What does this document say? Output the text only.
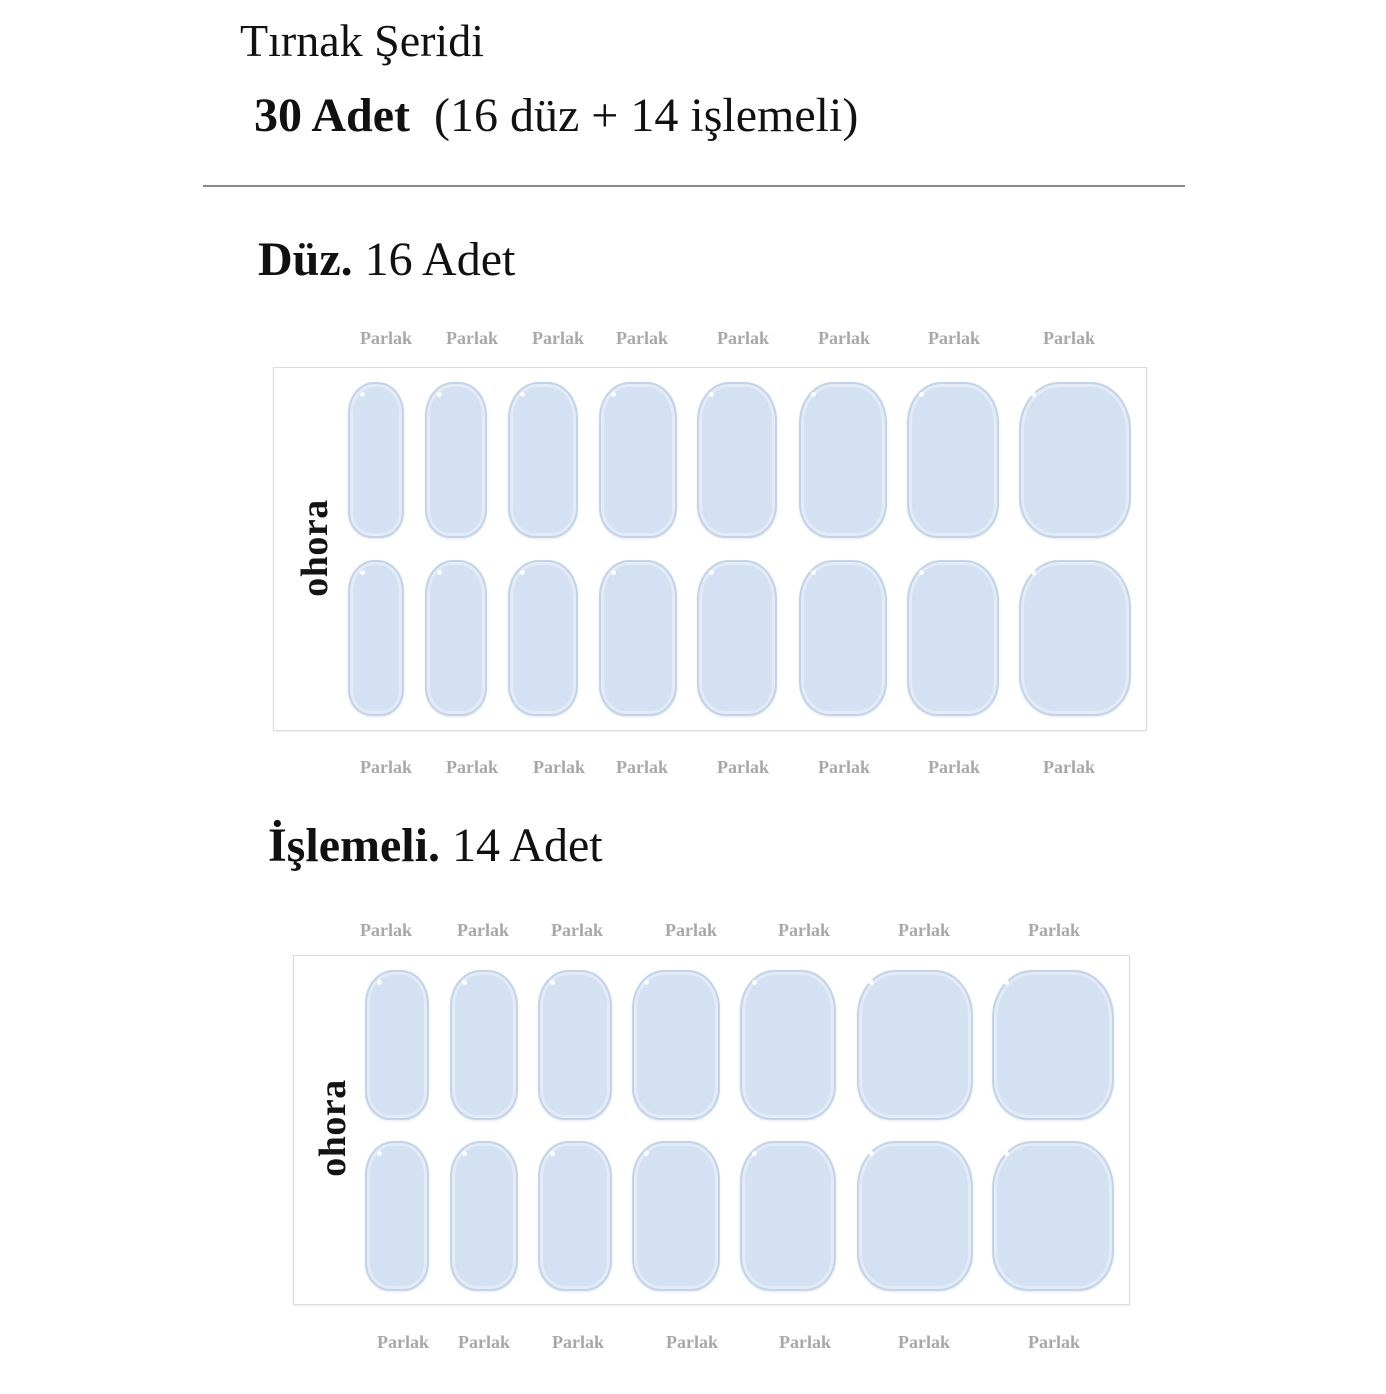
Tırnak Şeridi
30 Adet (16 düz + 14 işlemeli)
Düz. 16 Adet
ohora
Parlak Parlak Parlak Parlak	Parlak	Parlak	Parlak	Parlak
Parlak Parlak Parlak Parlak	Parlak	Parlak	Parlak	Parlak
İşlemeli. 14 Adet
ohora
Parlak	Parlak Parlak	Parlak	Parlak	Parlak	Parlak
Parlak Parlak Parlak	Parlak	Parlak	Parlak	Parlak
